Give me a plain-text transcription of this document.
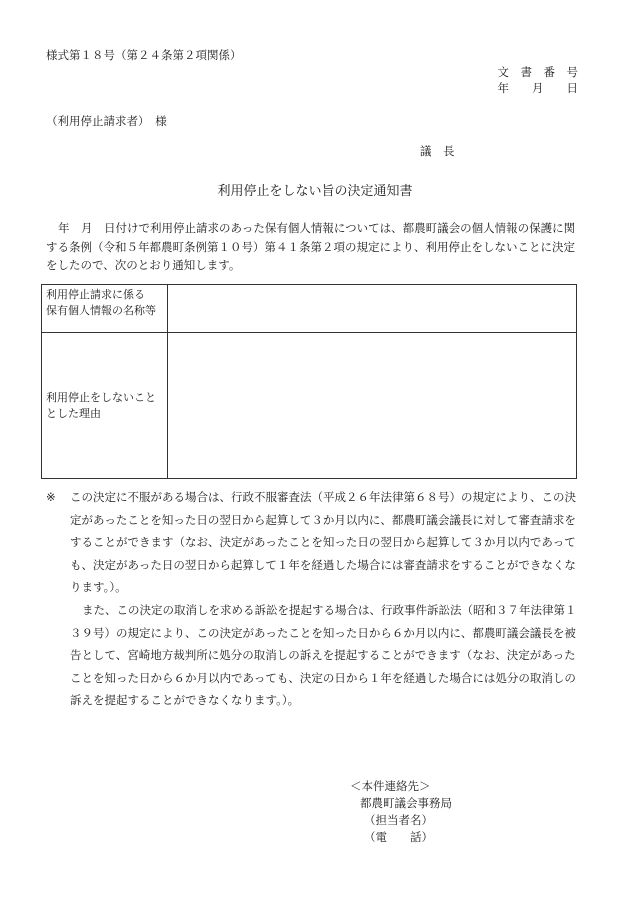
様式第１８号（第２４条第２項関係）

文　書　番　号
年　　月　　日

（利用停止請求者）　様

議　長

利用停止をしない旨の決定通知書

年　月　日付けで利用停止請求のあった保有個人情報については、都農町議会の個人情報の保護に関する条例（令和５年都農町条例第１０号）第４１条第２項の規定により、利用停止をしないことに決定をしたので、次のとおり通知します。

利用停止請求に係る
保有個人情報の名称等	

利用停止をしないこととした理由	

※ この決定に不服がある場合は、行政不服審査法（平成２６年法律第６８号）の規定により、この決定があったことを知った日の翌日から起算して３か月以内に、都農町議会議長に対して審査請求をすることができます（なお、決定があったことを知った日の翌日から起算して３か月以内であっても、決定があった日の翌日から起算して１年を経過した場合には審査請求をすることができなくなります。）。

また、この決定の取消しを求める訴訟を提起する場合は、行政事件訴訟法（昭和３７年法律第１３９号）の規定により、この決定があったことを知った日から６か月以内に、都農町議会議長を被告として、宮崎地方裁判所に処分の取消しの訴えを提起することができます（なお、決定があったことを知った日から６か月以内であっても、決定の日から１年を経過した場合には処分の取消しの訴えを提起することができなくなります。）。

＜本件連絡先＞
都農町議会事務局
（担当者名）
（電　　話）
